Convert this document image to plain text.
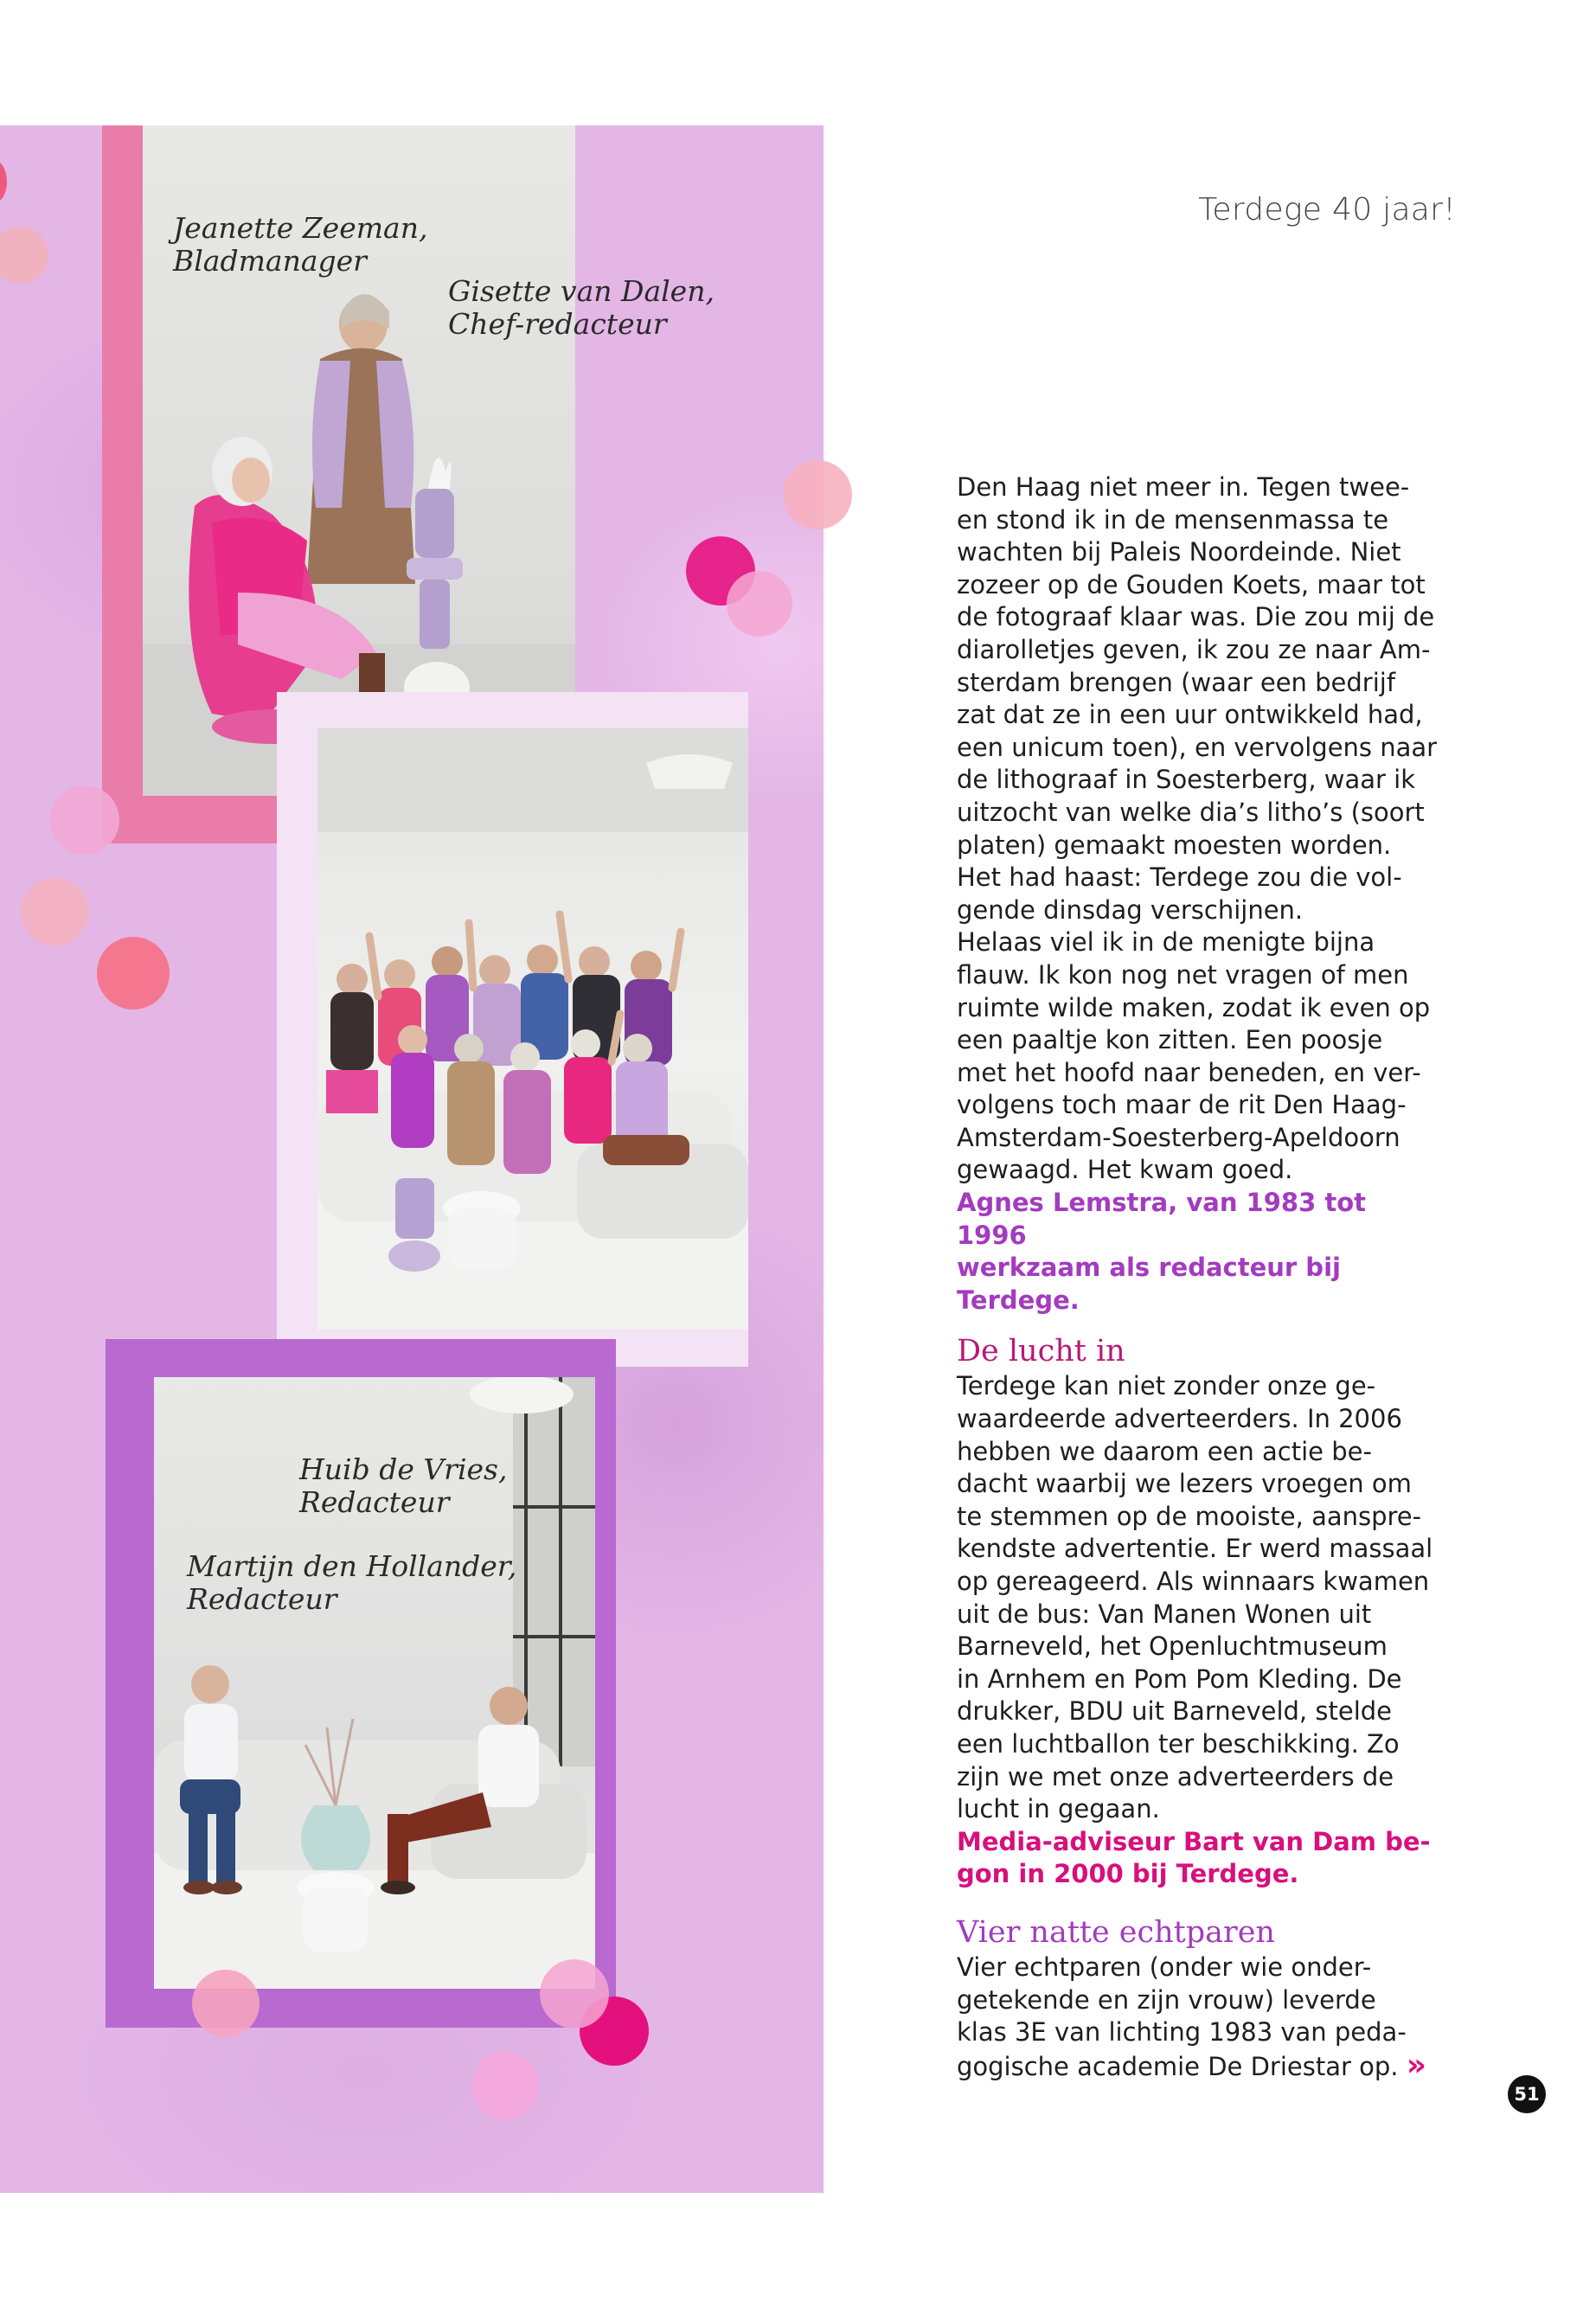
Jeanette Zeeman,
Bladmanager
Gisette van Dalen,
Chef-redacteur
Huib de Vries,
Redacteur
Martijn den Hollander,
Redacteur
Terdege 40 jaar!

Den Haag niet meer in. Tegen twee-

en stond ik in de mensenmassa te

wachten bij Paleis Noordeinde. Niet

zozeer op de Gouden Koets, maar tot

de fotograaf klaar was. Die zou mij de

diarolletjes geven, ik zou ze naar Am-

sterdam brengen (waar een bedrijf

zat dat ze in een uur ontwikkeld had,

een unicum toen), en vervolgens naar

de lithograaf in Soesterberg, waar ik

uitzocht van welke dia’s litho’s (soort

platen) gemaakt moesten worden.

Het had haast: Terdege zou die vol-

gende dinsdag verschijnen.

Helaas viel ik in de menigte bijna

flauw. Ik kon nog net vragen of men

ruimte wilde maken, zodat ik even op

een paaltje kon zitten. Een poosje

met het hoofd naar beneden, en ver-

volgens toch maar de rit Den Haag-

Amsterdam-Soesterberg-Apeldoorn

gewaagd. Het kwam goed.

Agnes Lemstra, van 1983 tot 1996

werkzaam als redacteur bij Terdege.

De lucht in

Terdege kan niet zonder onze ge-

waardeerde adverteerders. In 2006

hebben we daarom een actie be-

dacht waarbij we lezers vroegen om

te stemmen op de mooiste, aanspre-

kendste advertentie. Er werd massaal

op gereageerd. Als winnaars kwamen

uit de bus: Van Manen Wonen uit

Barneveld, het Openluchtmuseum

in Arnhem en Pom Pom Kleding. De

drukker, BDU uit Barneveld, stelde

een luchtballon ter beschikking. Zo

zijn we met onze adverteerders de

lucht in gegaan.

Media-adviseur Bart van Dam be-

gon in 2000 bij Terdege.

Vier natte echtparen

Vier echtparen (onder wie onder-

getekende en zijn vrouw) leverde

klas 3E van lichting 1983 van peda-

gogische academie De Driestar op. »

51
